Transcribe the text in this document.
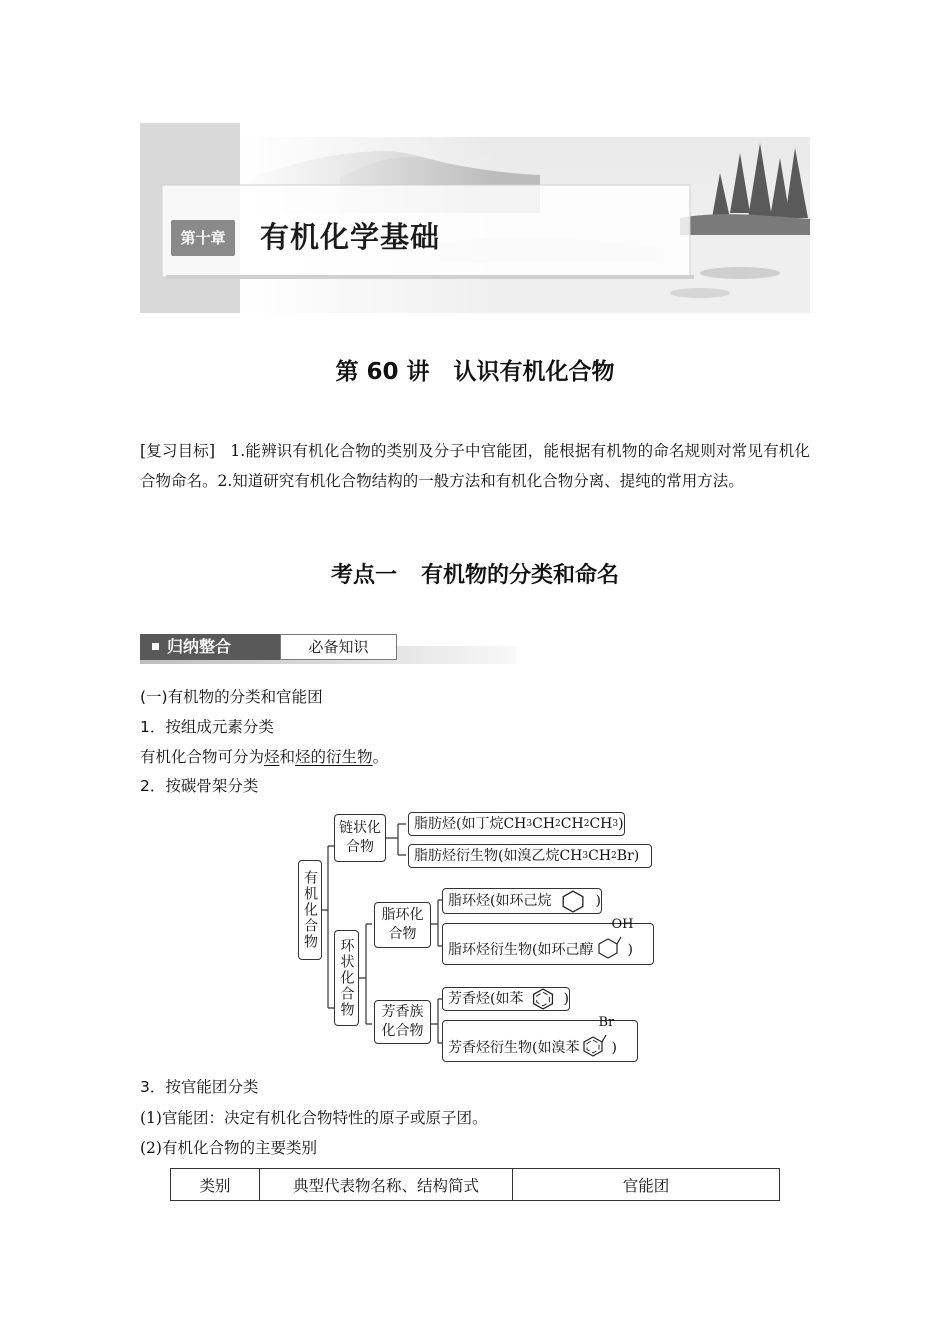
第十章	有机化学基础
第 60 讲 认识有机化合物
[复习目标] 1.能辨识有机化合物的类别及分子中官能团，能根据有机物的命名规则对常见有机化合物命名。2.知道研究有机化合物结构的一般方法和有机化合物分离、提纯的常用方法。
考点一 有机物的分类和命名
归纳整合	必备知识
(一)有机物的分类和官能团
1．按组成元素分类
有机化合物可分为烃和烃的衍生物。
2．按碳骨架分类
有机化合物
链状化合物
脂肪烃(如丁烷CH 3 CH 2 CH 2 CH 3 )
脂肪烃衍生物(如溴乙烷CH 3 CH 2 Br)
环状化合物
脂环化合物
脂环烃(如环己烷	)
脂环烃衍生物(如环己醇
OH
)
芳香族化合物
芳香烃(如苯	)
芳香烃衍生物(如溴苯
Br
)
3．按官能团分类
(1)官能团：决定有机化合物特性的原子或原子团。
(2)有机化合物的主要类别
类别	典型代表物名称、结构简式	官能团
